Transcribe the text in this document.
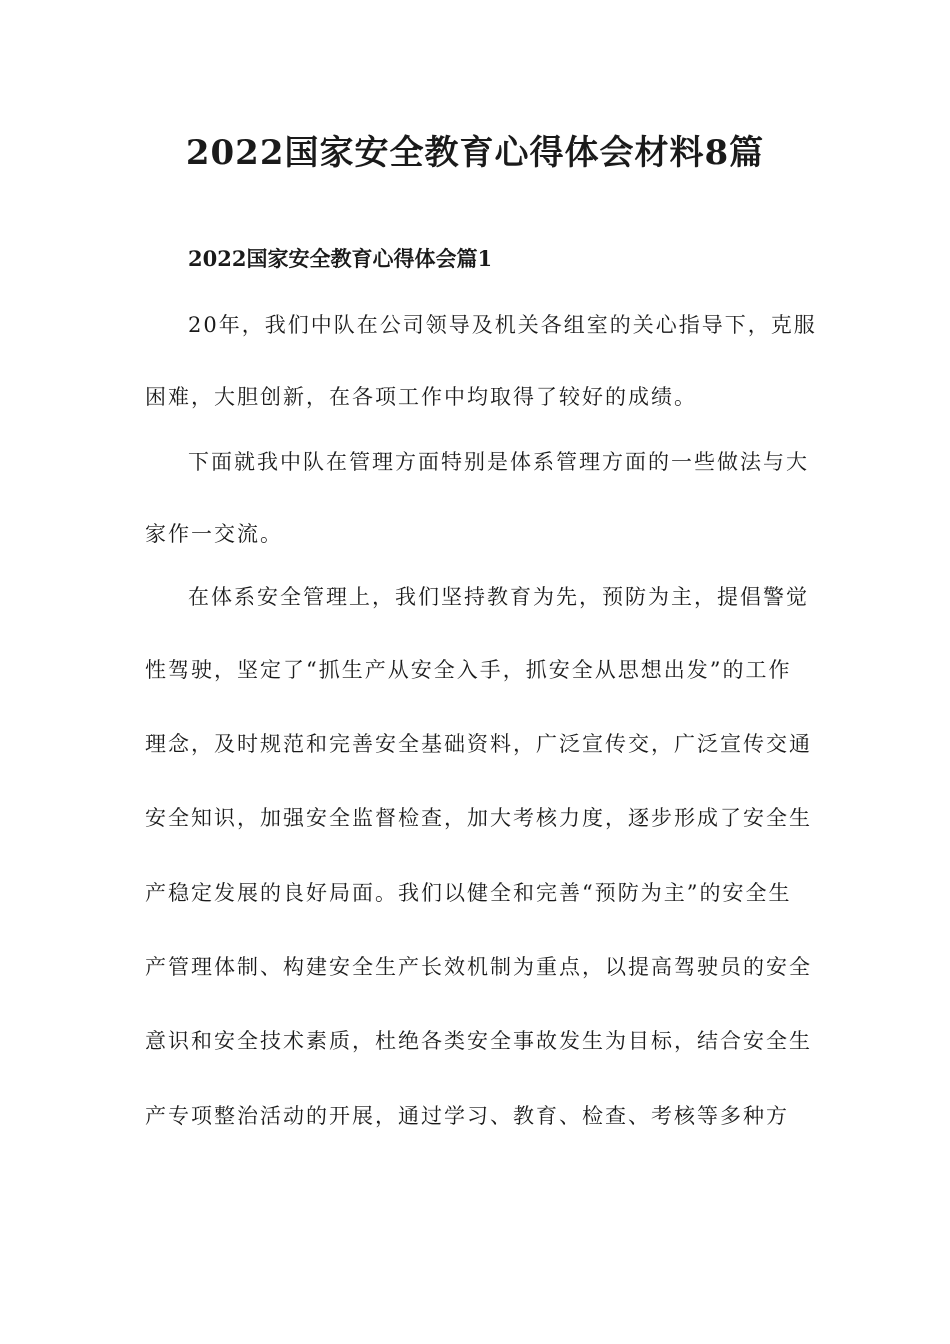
2022国家安全教育心得体会材料8篇
2022国家安全教育心得体会篇1

20年，我们中队在公司领导及机关各组室的关心指导下，克服

困难，大胆创新，在各项工作中均取得了较好的成绩。

下面就我中队在管理方面特别是体系管理方面的一些做法与大

家作一交流。

在体系安全管理上，我们坚持教育为先，预防为主，提倡警觉

性驾驶，坚定了“抓生产从安全入手，抓安全从思想出发”的工作

理念，及时规范和完善安全基础资料，广泛宣传交，广泛宣传交通

安全知识，加强安全监督检查，加大考核力度，逐步形成了安全生

产稳定发展的良好局面。我们以健全和完善“预防为主”的安全生

产管理体制、构建安全生产长效机制为重点，以提高驾驶员的安全

意识和安全技术素质，杜绝各类安全事故发生为目标，结合安全生

产专项整治活动的开展，通过学习、教育、检查、考核等多种方
